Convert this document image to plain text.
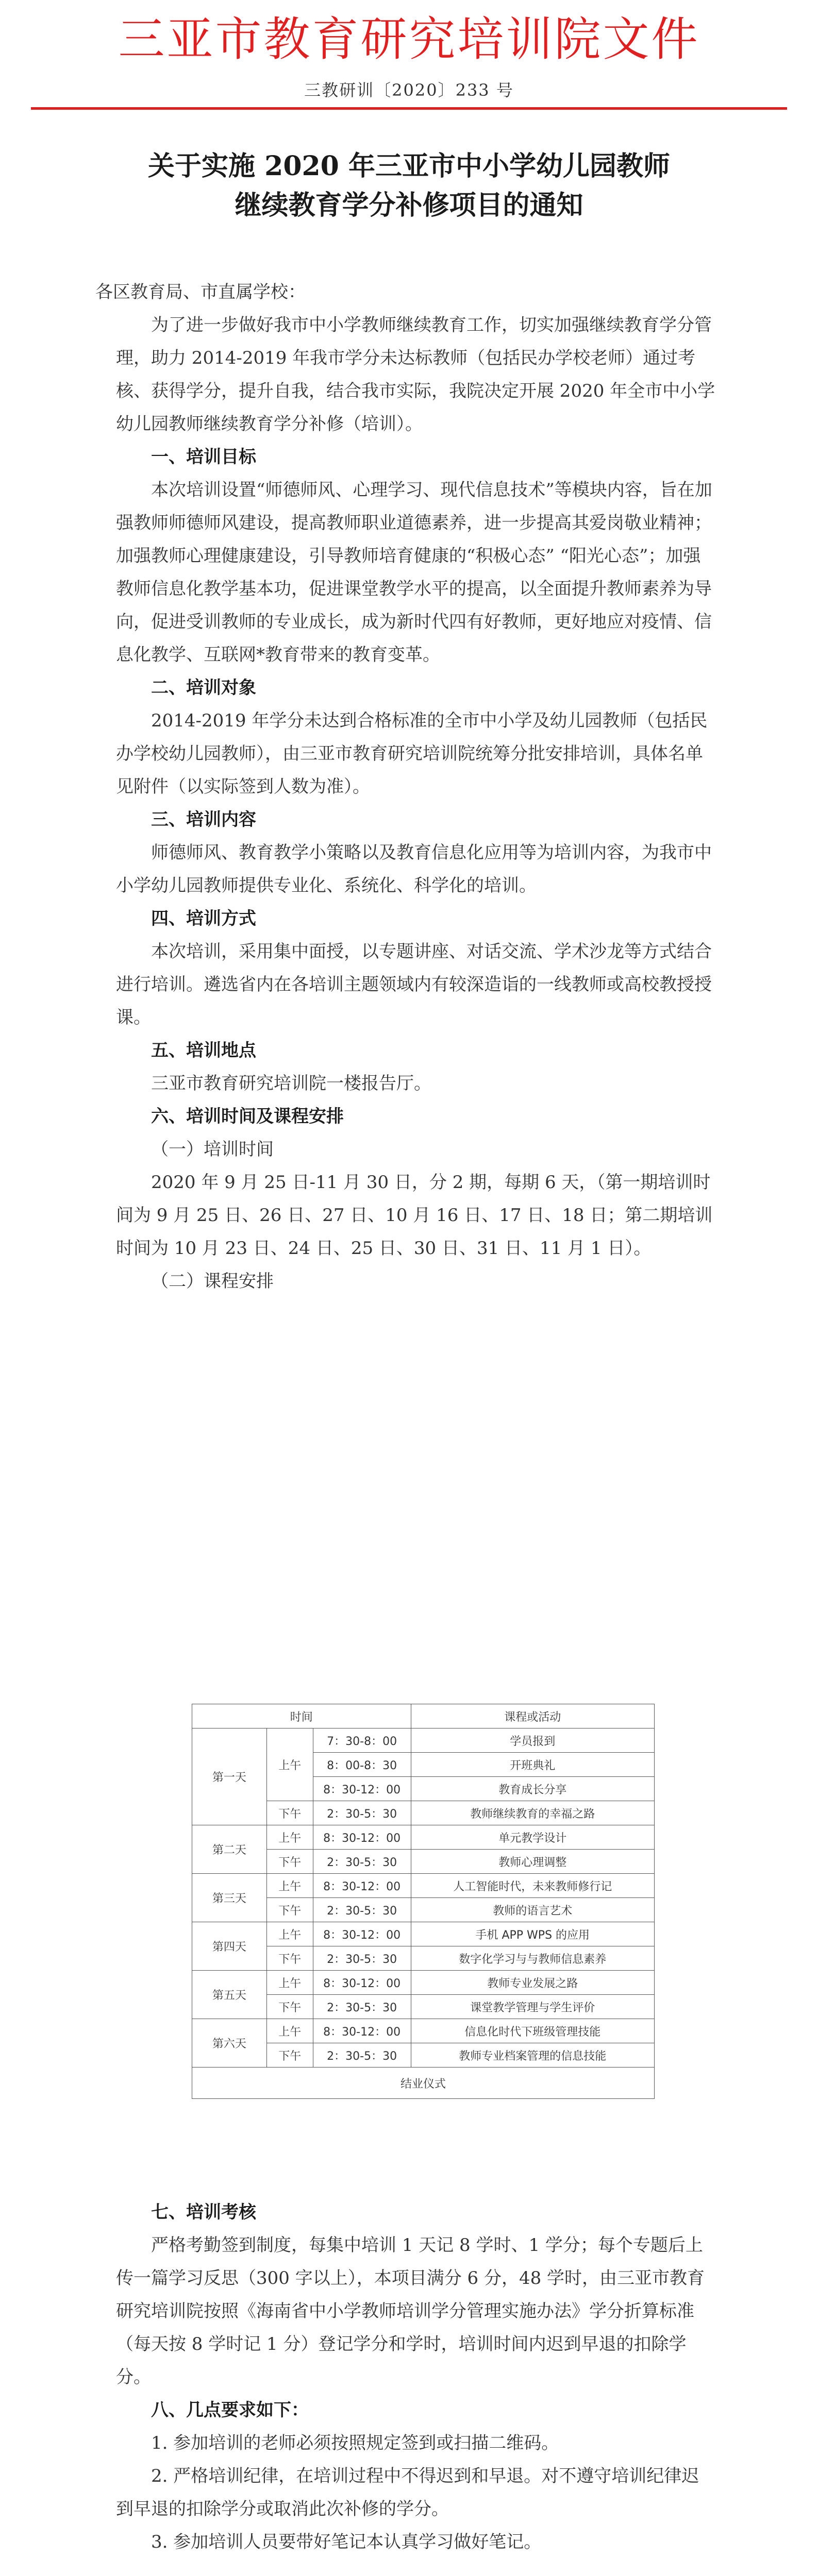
三亚市教育研究培训院文件
三教研训〔2020〕233 号
关于实施 2020 年三亚市中小学幼儿园教师
继续教育学分补修项目的通知

各区教育局、市直属学校：

为了进一步做好我市中小学教师继续教育工作，切实加强继续教育学分管理，助力 2014-2019 年我市学分未达标教师（包括民办学校老师）通过考核、获得学分，提升自我，结合我市实际，我院决定开展 2020 年全市中小学幼儿园教师继续教育学分补修（培训）。

一、培训目标

本次培训设置“师德师风、心理学习、现代信息技术”等模块内容，旨在加强教师师德师风建设，提高教师职业道德素养，进一步提高其爱岗敬业精神；加强教师心理健康建设，引导教师培育健康的“积极心态” “阳光心态”；加强教师信息化教学基本功，促进课堂教学水平的提高，以全面提升教师素养为导向，促进受训教师的专业成长，成为新时代四有好教师，更好地应对疫情、信息化教学、互联网*教育带来的教育变革。

二、培训对象

2014-2019 年学分未达到合格标准的全市中小学及幼儿园教师（包括民办学校幼儿园教师），由三亚市教育研究培训院统筹分批安排培训，具体名单见附件（以实际签到人数为准）。

三、培训内容

师德师风、教育教学小策略以及教育信息化应用等为培训内容，为我市中小学幼儿园教师提供专业化、系统化、科学化的培训。

四、培训方式

本次培训，采用集中面授，以专题讲座、对话交流、学术沙龙等方式结合进行培训。遴选省内在各培训主题领域内有较深造诣的一线教师或高校教授授课。

五、培训地点

三亚市教育研究培训院一楼报告厅。

六、培训时间及课程安排

（一）培训时间

2020 年 9 月 25 日-11 月 30 日，分 2 期，每期 6 天，（第一期培训时间为 9 月 25 日、26 日、27 日、10 月 16 日、17 日、18 日；第二期培训时间为 10 月 23 日、24 日、25 日、30 日、31 日、11 月 1 日）。

（二）课程安排

时间			课程或活动
第一天	上午	7：30-8：00	学员报到
		8：00-8：30	开班典礼
		8：30-12：00	教育成长分享
	下午	2：30-5：30	教师继续教育的幸福之路
第二天	上午	8：30-12：00	单元教学设计
	下午	2：30-5：30	教师心理调整
第三天	上午	8：30-12：00	人工智能时代，未来教师修行记
	下午	2：30-5：30	教师的语言艺术
第四天	上午	8：30-12：00	手机 APP WPS 的应用
	下午	2：30-5：30	数字化学习与与教师信息素养
第五天	上午	8：30-12：00	教师专业发展之路
	下午	2：30-5：30	课堂教学管理与学生评价
第六天	上午	8：30-12：00	信息化时代下班级管理技能
	下午	2：30-5：30	教师专业档案管理的信息技能
结业仪式			

七、培训考核

严格考勤签到制度，每集中培训 1 天记 8 学时、1 学分；每个专题后上传一篇学习反思（300 字以上），本项目满分 6 分，48 学时，由三亚市教育研究培训院按照《海南省中小学教师培训学分管理实施办法》学分折算标准（每天按 8 学时记 1 分）登记学分和学时，培训时间内迟到早退的扣除学分。

八、几点要求如下：

1. 参加培训的老师必须按照规定签到或扫描二维码。

2. 严格培训纪律，在培训过程中不得迟到和早退。对不遵守培训纪律迟到早退的扣除学分或取消此次补修的学分。

3. 参加培训人员要带好笔记本认真学习做好笔记。
